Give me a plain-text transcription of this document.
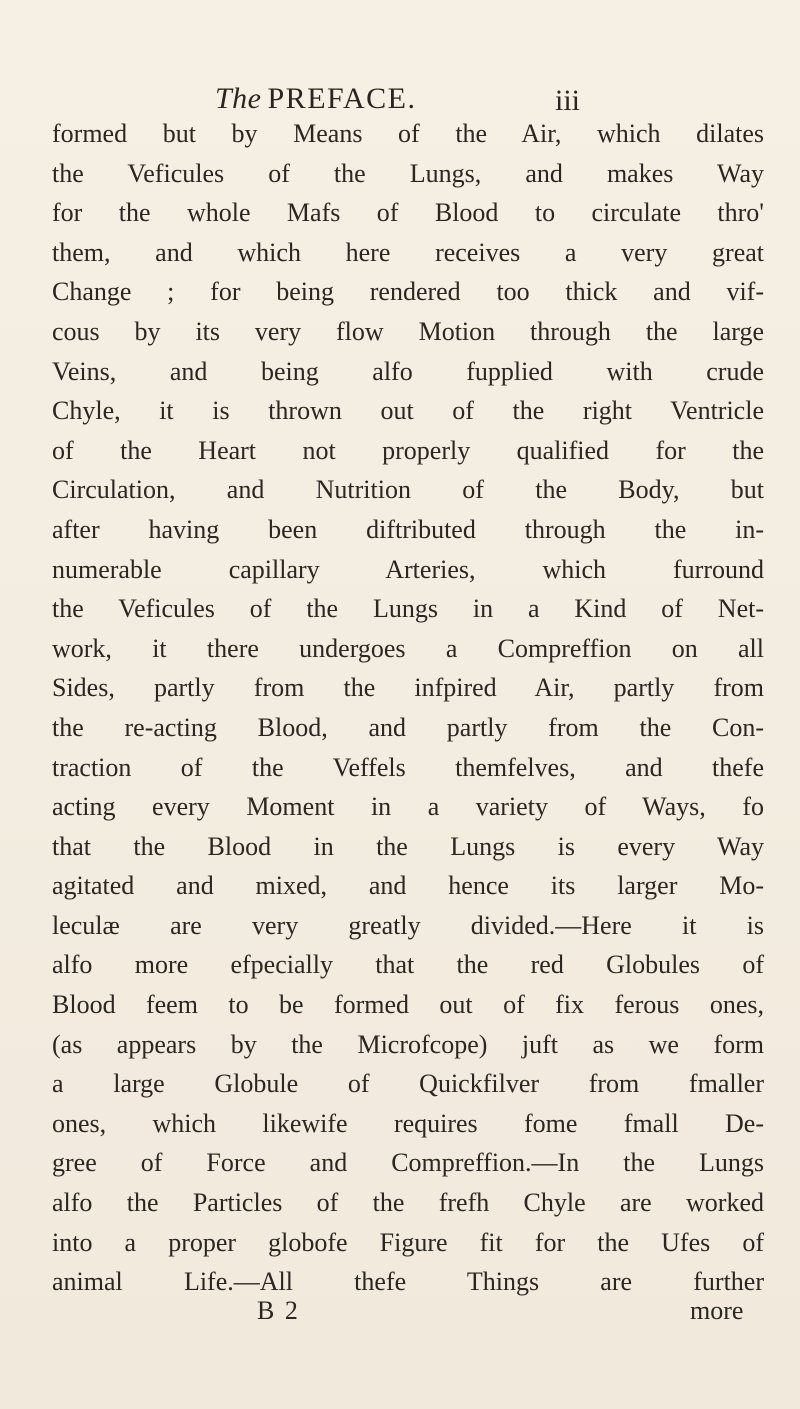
The PREFACE.	iii
formed but by Means of the Air, which dilates
the Veficules of the Lungs, and makes Way
for the whole Mafs of Blood to circulate thro'
them, and which here receives a very great
Change ; for being rendered too thick and vif-
cous by its very flow Motion through the large
Veins, and being alfo fupplied with crude
Chyle, it is thrown out of the right Ventricle
of the Heart not properly qualified for the
Circulation, and Nutrition of the Body, but
after having been diftributed through the in-
numerable capillary Arteries, which furround
the Veficules of the Lungs in a Kind of Net-
work, it there undergoes a Compreffion on all
Sides, partly from the infpired Air, partly from
the re-acting Blood, and partly from the Con-
traction of the Veffels themfelves, and thefe
acting every Moment in a variety of Ways, fo
that the Blood in the Lungs is every Way
agitated and mixed, and hence its larger Mo-
leculæ are very greatly divided.—Here it is
alfo more efpecially that the red Globules of
Blood feem to be formed out of fix ferous ones,
(as appears by the Microfcope) juft as we form
a large Globule of Quickfilver from fmaller
ones, which likewife requires fome fmall De-
gree of Force and Compreffion.—In the Lungs
alfo the Particles of the frefh Chyle are worked
into a proper globofe Figure fit for the Ufes of
animal Life.—All thefe Things are further
B 2	more
